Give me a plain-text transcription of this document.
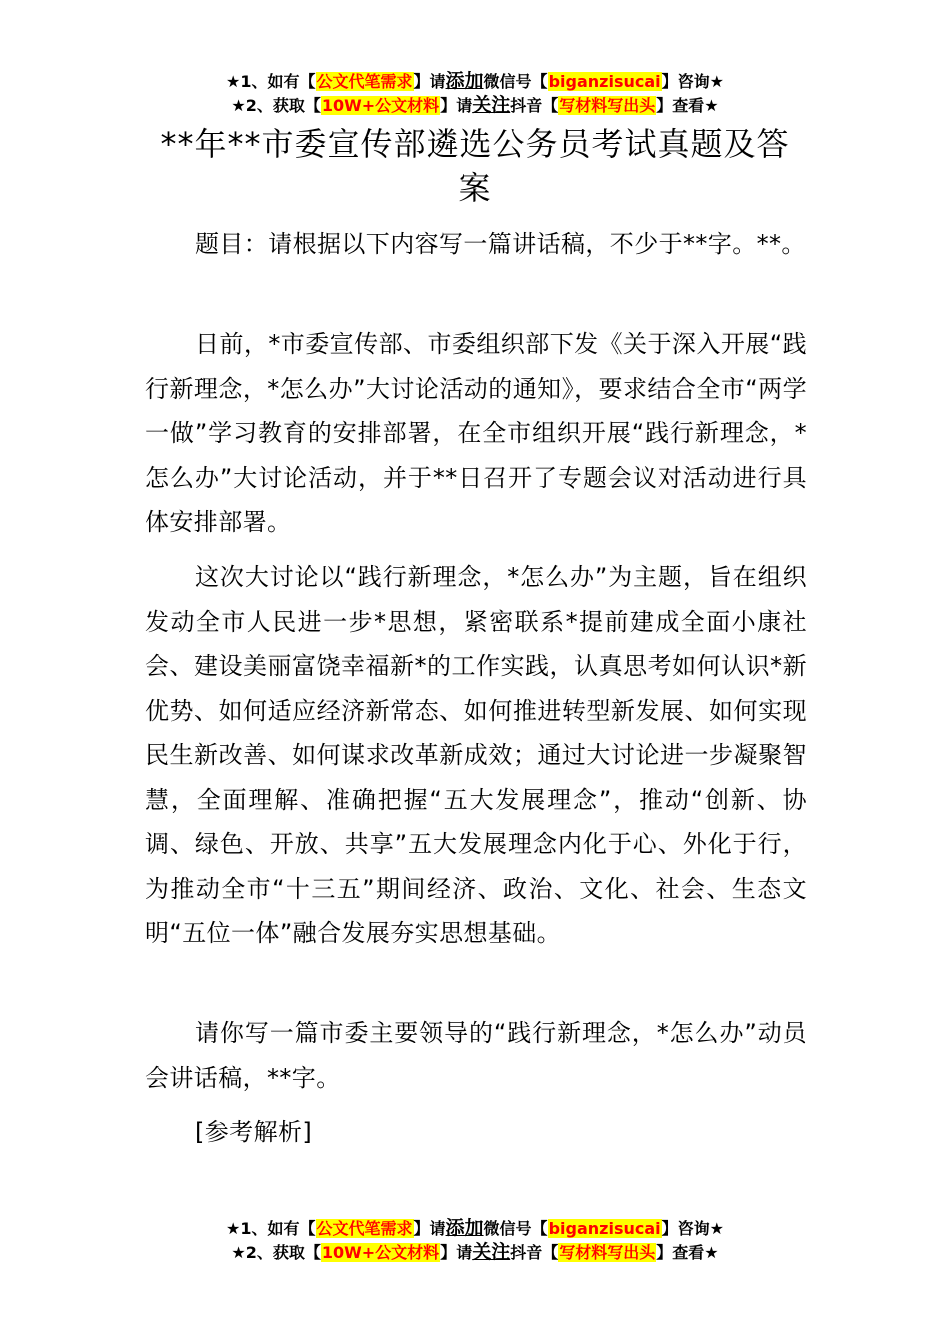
★1、如有【公文代笔需求】请添加微信号【biganzisucai】咨询★
★2、获取【10W+公文材料】请关注抖音【写材料写出头】查看★
**年**市委宣传部遴选公务员考试真题及答案
题目：请根据以下内容写一篇讲话稿，不少于**字。**。
日前，*市委宣传部、市委组织部下发《关于深入开展“践行新理念，*怎么办”大讨论活动的通知》，要求结合全市“两学一做”学习教育的安排部署，在全市组织开展“践行新理念，*怎么办”大讨论活动，并于**日召开了专题会议对活动进行具体安排部署。
这次大讨论以“践行新理念，*怎么办”为主题，旨在组织发动全市人民进一步*思想，紧密联系*提前建成全面小康社会、建设美丽富饶幸福新*的工作实践，认真思考如何认识*新优势、如何适应经济新常态、如何推进转型新发展、如何实现民生新改善、如何谋求改革新成效；通过大讨论进一步凝聚智慧，全面理解、准确把握“五大发展理念”，推动“创新、协调、绿色、开放、共享”五大发展理念内化于心、外化于行，为推动全市“十三五”期间经济、政治、文化、社会、生态文明“五位一体”融合发展夯实思想基础。
请你写一篇市委主要领导的“践行新理念，*怎么办”动员会讲话稿，**字。
[参考解析]
★1、如有【公文代笔需求】请添加微信号【biganzisucai】咨询★
★2、获取【10W+公文材料】请关注抖音【写材料写出头】查看★
